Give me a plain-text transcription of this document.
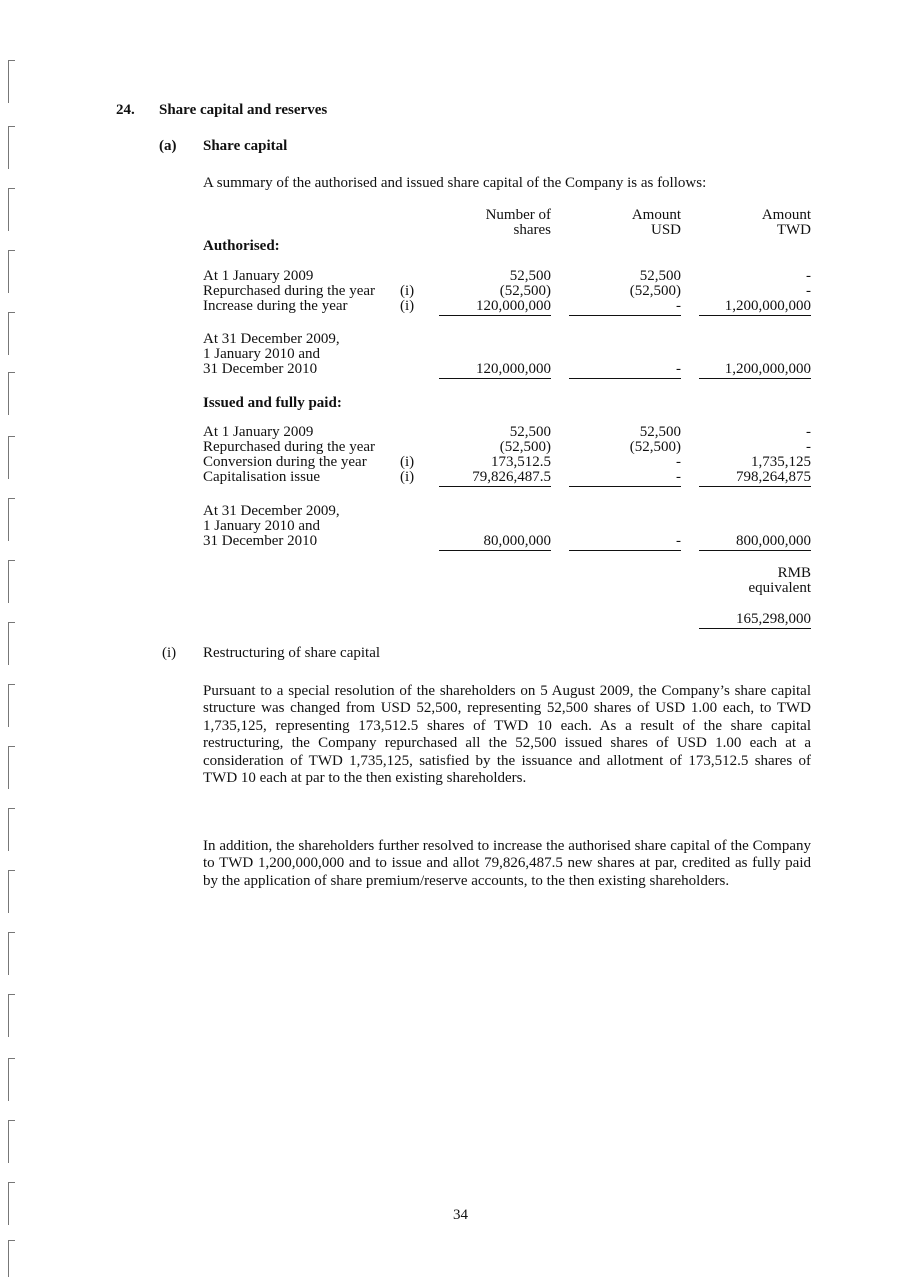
24. Share capital and reserves
(a) Share capital
A summary of the authorised and issued share capital of the Company is as follows:
Number of
shares
Amount
USD
Amount
TWD
Authorised:
At 1 January 2009	52,500	52,500	-
Repurchased during the year (i)	(52,500)	(52,500)	-
Increase during the year	(i)	120,000,000	-	1,200,000,000
At 31 December 2009,
1 January 2010 and
31 December 2010	120,000,000	-	1,200,000,000
Issued and fully paid:
At 1 January 2009	52,500	52,500	-
Repurchased during the year	(52,500)	(52,500)	-
Conversion during the year (i)	173,512.5	-	1,735,125
Capitalisation issue	(i)	79,826,487.5	-	798,264,875
At 31 December 2009,
1 January 2010 and
31 December 2010	80,000,000	-	800,000,000
RMB
equivalent
165,298,000
(i) Restructuring of share capital
Pursuant to a special resolution of the shareholders on 5 August 2009, the Company’s share capital structure was changed from USD 52,500, representing 52,500 shares of USD 1.00 each, to TWD 1,735,125, representing 173,512.5 shares of TWD 10 each. As a result of the share capital restructuring, the Company repurchased all the 52,500 issued shares of USD 1.00 each at a consideration of TWD 1,735,125, satisfied by the issuance and allotment of 173,512.5 shares of TWD 10 each at par to the then existing shareholders.
In addition, the shareholders further resolved to increase the authorised share capital of the Company to TWD 1,200,000,000 and to issue and allot 79,826,487.5 new shares at par, credited as fully paid by the application of share premium/reserve accounts, to the then existing shareholders.
34
